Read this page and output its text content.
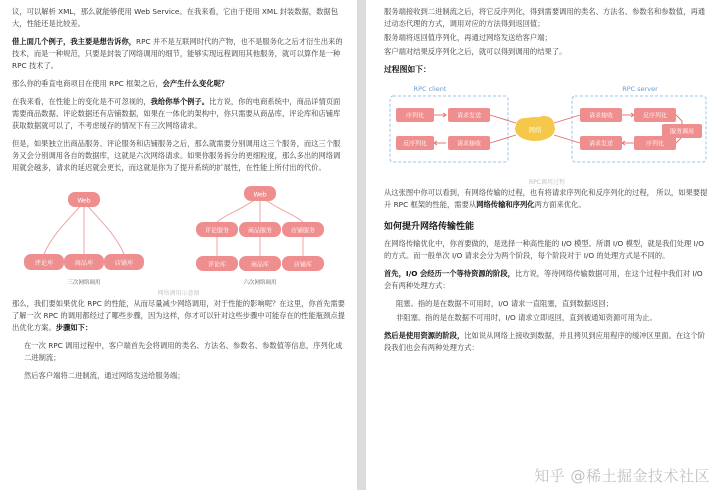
议，可以解析 XML，那么就能够使用 Web Service。在我来看，它由于使用 XML 封装数据，数据包大，性能还是比较差。

借上面几个例子，我主要是想告诉你，RPC 并不是互联网时代的产物，也不是服务化之后才衍生出来的技术，而是一种规范，只要是封装了网络调用的细节，能够实现远程调用其他服务，就可以算作是一种 RPC 技术了。

那么你的垂直电商项目在使用 RPC 框架之后，会产生什么变化呢？

在我来看，在性能上的变化是不可忽视的，我给你举个例子。比方说，你的电商系统中，商品详情页面需要商品数据、评论数据还有店铺数据，如果在一体化的架构中，你只需要从商品库，评论库和店铺库获取数据就可以了，不考虑缓存的情况下有三次网络请求。

但是，如果独立出商品服务、评论服务和店铺服务之后，那么就需要分别调用这三个服务，而这三个服务又会分别调用各自的数据库，这就是六次网络请求。如果你服务拆分的更细粒度，那么多出的网络调用就会越多，请求的延迟就会更长，而这就是你为了提升系统的扩展性，在性能上所付出的代价。

Web
评论库	商品库	店铺库
三次网络调用
Web
评论服务	商品服务	店铺服务
评论库	商品库	店铺库
六次网络调用
网络调用示意图

那么，我们要如果优化 RPC 的性能，从而尽量减少网络调用，对于性能的影响呢？在这里，你首先需要了解一次 RPC 的调用都经过了哪些步骤，因为这样，你才可以针对这些步骤中可能存在的性能瓶颈点提出优化方案。步骤如下：

在一次 RPC 调用过程中，客户端首先会将调用的类名、方法名、参数名、参数值等信息，序列化成二进制流；

然后客户端将二进制流，通过网络发送给服务端；

服务端接收到二进制流之后，将它反序列化，得到需要调用的类名、方法名、参数名和参数值，再通过动态代理的方式，调用对应的方法得到返回值；

服务端将返回值序列化，再通过网络发送给客户端；

客户端对结果反序列化之后，就可以得到调用的结果了。

过程图如下：
RPC client	RPC server
序列化	请求发送
反序列化	请求接收
网络
请求接收	反序列化
服务调用
请求发送	序列化
RPC调用过程

从这张图中你可以看到，有网络传输的过程，也有将请求序列化和反序列化的过程， 所以，如果要提升 RPC 框架的性能，需要从网络传输和序列化两方面来优化。

如何提升网络传输性能

在网络传输优化中，你首要做的，是选择一种高性能的 I/O 模型。所谓 I/O 模型，就是我们处理 I/O 的方式。而一般单次 I/O 请求会分为两个阶段，每个阶段对于 I/O 的处理方式是不同的。

首先，I/O 会经历一个等待资源的阶段，比方说，等待网络传输数据可用，在这个过程中我们对 I/O 会有两种处理方式：

阻塞。指的是在数据不可用时，I/O 请求一直阻塞，直到数据返回；

非阻塞。指的是在数据不可用时，I/O 请求立即返回，直到被通知资源可用为止。

然后是使用资源的阶段，比如说从网络上接收到数据，并且拷贝到应用程序的缓冲区里面。在这个阶段我们也会有两种处理方式：

知乎 @稀土掘金技术社区
